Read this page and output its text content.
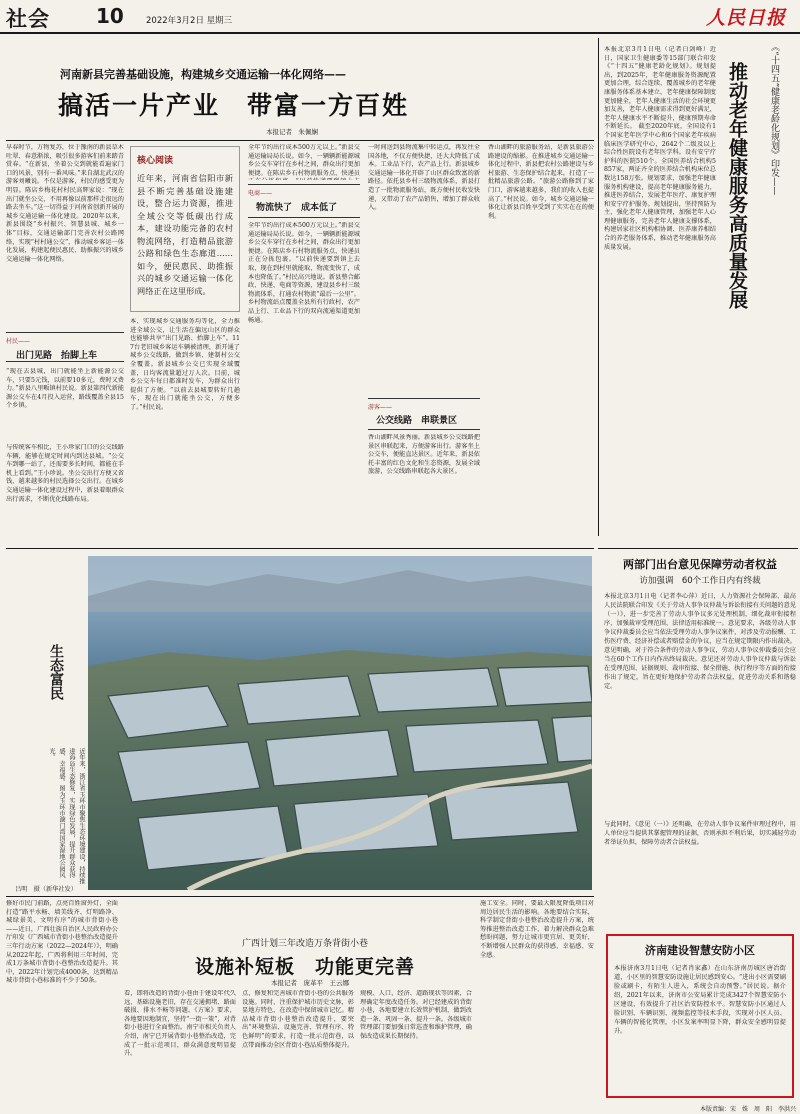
社会 10	2022年3月2日 星期三	人民日报
河南新县完善基础设施，构建城乡交通运输一体化网络——
搞活一片产业　带富一方百姓
本报记者　朱佩娴
早春时节，万物复苏，位于豫南的新县草木吐翠、春意渐浓，吸引很多游客们前来踏青赏春。“在新县，坐着公交到就能看遍家门口的风景，别有一番风味。”来自湖北武汉的游客刘曦说。不仅是游客，村民的感受更为明显。陈店乡梅花村村民高辉家说：“现在出门就坐公交，不用再像以前那样走很远的路去坐车。”这一切得益于河南省创新开展的城乡交通运输一体化建设。2020年以来，新县围绕“乡村振兴、智慧县城、城乡一体”目标，交通运输部门完善农村公路网络，实现“村村通公交”，推动城乡客运一体化发展，构建起便民惠民、助推振兴的城乡交通运输一体化网络。
村民——
出门见路　抬脚上车
“现在去县城，出门就能坐上新能源公交车，只要5元钱，以前要10多元，费时又费力。”新县八里畈镇村民说。新县第四代新能源公交车在4月投入运营，路线覆盖全县15个乡镇。
与传统客车相比，王小珍家门口的公交线路车辆，能够在规定时间内到达县城。“公交车到哪一站了，还需要多长时间，都能在手机上看到。”王小珍说。坐公交出行方便又省钱，越来越多的村民选择公交出行。在城乡交通运输一体化建设过程中，新县着眼群众出行需求，不断优化线路布局。
核心阅读
近年来，河南省信阳市新县不断完善基础设施建设，整合运力资源，推进全域公交等低碳出行成本，建设功能完备的农村物流网络，打造精品旅游公路和绿色生态廊道……如今，便民惠民、助推振兴的城乡交通运输一体化网络正在这里形成。
本、实现城乡交通服务均等化，全力推进全域公交，让生活在偏远山区的群众也能够共享“出门见路、抬脚上车”。117台老旧城乡客运车辆被清理，新开通了城乡公交线路，做到乡镇、建制村公交全覆盖。新县城乡公交已实现全域覆盖，日均客流量超过万人次。目前，城乡公交车每日都准时发车，为群众出行提供了方便。“以前去县城要转好几趟车，现在出门就能坐公交，方便多了。”村民说。
全年节约出行成本500万元以上。”新县交通运输局局长说。如今，一辆辆新能源城乡公交车穿行在乡村之间，群众出行更加便捷。在陈店乡石村物流服务点，快递员
电商——
物流快了　成本低了
全年节约出行成本500万元以上。”新县交通运输局局长说。如今，一辆辆新能源城乡公交车穿行在乡村之间，群众出行更加便捷。在陈店乡石村物流服务点，快递员正在分拣包裹。“以前快递要到镇上去取，现在到村里就能取，物流变快了，成本也降低了。”村民高兴地说。新县整合邮政、快递、电商等资源，建设县乡村三级物流体系，打通农村物流“最后一公里”。乡村物流站点覆盖全县所有行政村，农产品上行、工业品下行的双向流通渠道更加畅通。
一时间送到县物流集中转运点，再发往全国各地，不仅方便快捷，还大大降低了成本。工业品下行，农产品上行。新县城乡交通运输一体化开辟了山区群众致富的新路径。依托县乡村三级物流体系，新县打造了一批物流服务站，既方便村民收发快递，又带动了农产品销售，增加了群众收入。
游客——
公交线路　串联景区
香山湖畔风景秀丽。新县城乡公交线路把景区串联起来，方便游客出行。游客坐上公交车，便能直达景区。近年来，新县依托丰富的红色文化和生态资源，发展全域旅游，公交线路串联起各大景区。
香山湖畔的旅游服务站，是新县旅游公路建设的缩影。在推进城乡交通运输一体化过程中，新县把农村公路建设与乡村旅游、生态保护结合起来，打造了一批精品旅游公路。“旅游公路修到了家门口，游客越来越多，我们的收入也提高了。”村民说。如今，城乡交通运输一体化让新县百姓享受到了实实在在的便利。
本报北京3月1日电（记者白剑峰）近日，国家卫生健康委等15部门联合印发《“十四五”健康老龄化规划》。规划提出，到2025年，老年健康服务资源配置更加合理，综合连续、覆盖城乡的老年健康服务体系基本建立，老年健康保障制度更加健全，老年人健康生活的社会环境更加友善，老年人健康需求得到更好满足，老年人健康水平不断提升，健康预期寿命不断延长。 截至2020年底，全国设有1个国家老年医学中心和6个国家老年疾病临床医学研究中心，2642个二级及以上综合性医院设有老年医学科。设有安宁疗护科的医院510个。全国医养结合机构5857家，两证齐全的医养结合机构床位总数达158万张。规划要求，加强老年健康服务机构建设，提高老年健康服务能力，推进医养结合，发展老年医疗、康复护理和安宁疗护服务。规划提出，坚持预防为主，强化老年人健康管理，加强老年人心理健康服务，完善老年人健康支撑体系，构建居家社区机构相协调、医养康养相结合的养老服务体系，推动老年健康服务高质量发展。
《“十四五”健康老龄化规划》印发——
推动老年健康服务高质量发展
生态富民
近年来，浙江省玉环市聚焦生态环境建设，持续推进海岛生态修复，实现绿色发展，提升群众获得感、幸福感。图为玉环市漩门湾国家湿地公园风光。
吕明　摄（新华社发）
两部门出台意见保障劳动者权益
访加强调　60个工作日内有终裁
本报北京3月1日电（记者李心萍）近日，人力资源社会保障部、最高人民法院联合印发《关于劳动人事争议仲裁与诉讼衔接有关问题的意见（一）》，进一步完善了劳动人事争议多元处理机制，细化裁审衔接程序，加强裁审受理范围、法律适用标准统一。意见要求，各级劳动人事争议仲裁委员会应当依法受理劳动人事争议案件，对涉及劳动报酬、工伤医疗费、经济补偿或者赔偿金的争议，应当在规定期限内作出裁决。意见明确，对于符合条件的劳动人事争议，劳动人事争议仲裁委员会应当在60个工作日内作出终局裁决。意见还对劳动人事争议仲裁与诉讼在受理范围、证据规则、裁审衔接、保全措施、执行程序等方面的衔接作出了规定，旨在更好地保护劳动者合法权益，促进劳动关系和谐稳定。
与此同时，《意见（一）》还明确，在劳动人事争议案件审理过程中，用人单位应当提供其掌握管理的证据，否则承担不利后果，切实减轻劳动者举证负担，保障劳动者合法权益。
修好市民门前路，点亮百姓窗外灯，全面打造“路平水畅、墙美线齐、灯明路净、城绿景美、文明有序”的城市背街小巷——近日，广西壮族自治区人民政府办公厅印发《广西城市背街小巷整治改造提升三年行动方案（2022—2024年）》，明确从2022年起，广西将利用三年时间，完成1万条城市背街小巷整治改造提升。其中，2022年计划完成4000条，达到精品城市背街小巷标准的不少于50条。
广西计划三年改造万条背街小巷
设施补短板　功能更完善
本报记者　庞革平　王云娜
看，即将改造的背街小巷由于建设年代久远，基础设施老旧，存在交通拥堵、路面破损、排水不畅等问题。《方案》要求，各地要因地制宜，坚持“一街一策”，对背街小巷进行全面整治。南宁市相关负责人介绍，南宁已开展背街小巷整治改造，完成了一批示范项目，群众满意度明显提升。
点，修复和完善城市背街小巷的公共服务设施。同时，注重保护城市历史文脉，彰显地方特色，在改造中保留城市记忆。精品城市背街小巷整治改造提升，要突出“环境整洁、设施完善、管理有序、特色鲜明”的要求，打造一批示范街巷，以点带面推动全区背街小巷品质整体提升。
规模、人口、经济、道路现状等因素，合理确定年度改造任务。对已经建成的背街小巷，各地要建立长效管护机制，做到改造一条、巩固一条、提升一条。各级城市管理部门要加强日常巡查和维护管理，确保改造成果长期保持。
施工安全。同时，要最大限度降低项目对周边居民生活的影响。各地要结合实际，科学制定背街小巷整治改造提升方案，统筹推进整治改造工作，着力解决群众急难愁盼问题，努力让城市更宜居、更美好，不断增强人民群众的获得感、幸福感、安全感。	济南建设智慧安防小区
本报济南3月1日电（记者肖家鑫）在山东济南历城区唐冶街道，小区里的智慧安防设施让居民感到安心。“进出小区需要刷脸或刷卡，有陌生人进入，系统会自动预警。”居民说。据介绍，2021年以来，济南市公安局累计完成3427个智慧安防小区建设，有效提升了社区治安防控水平。智慧安防小区通过人脸识别、车辆识别、视频监控等技术手段，实现对小区人员、车辆的智能化管理，小区发案率明显下降，群众安全感明显提升。
本版责编：宋　姝　周　阳　李洪兴
